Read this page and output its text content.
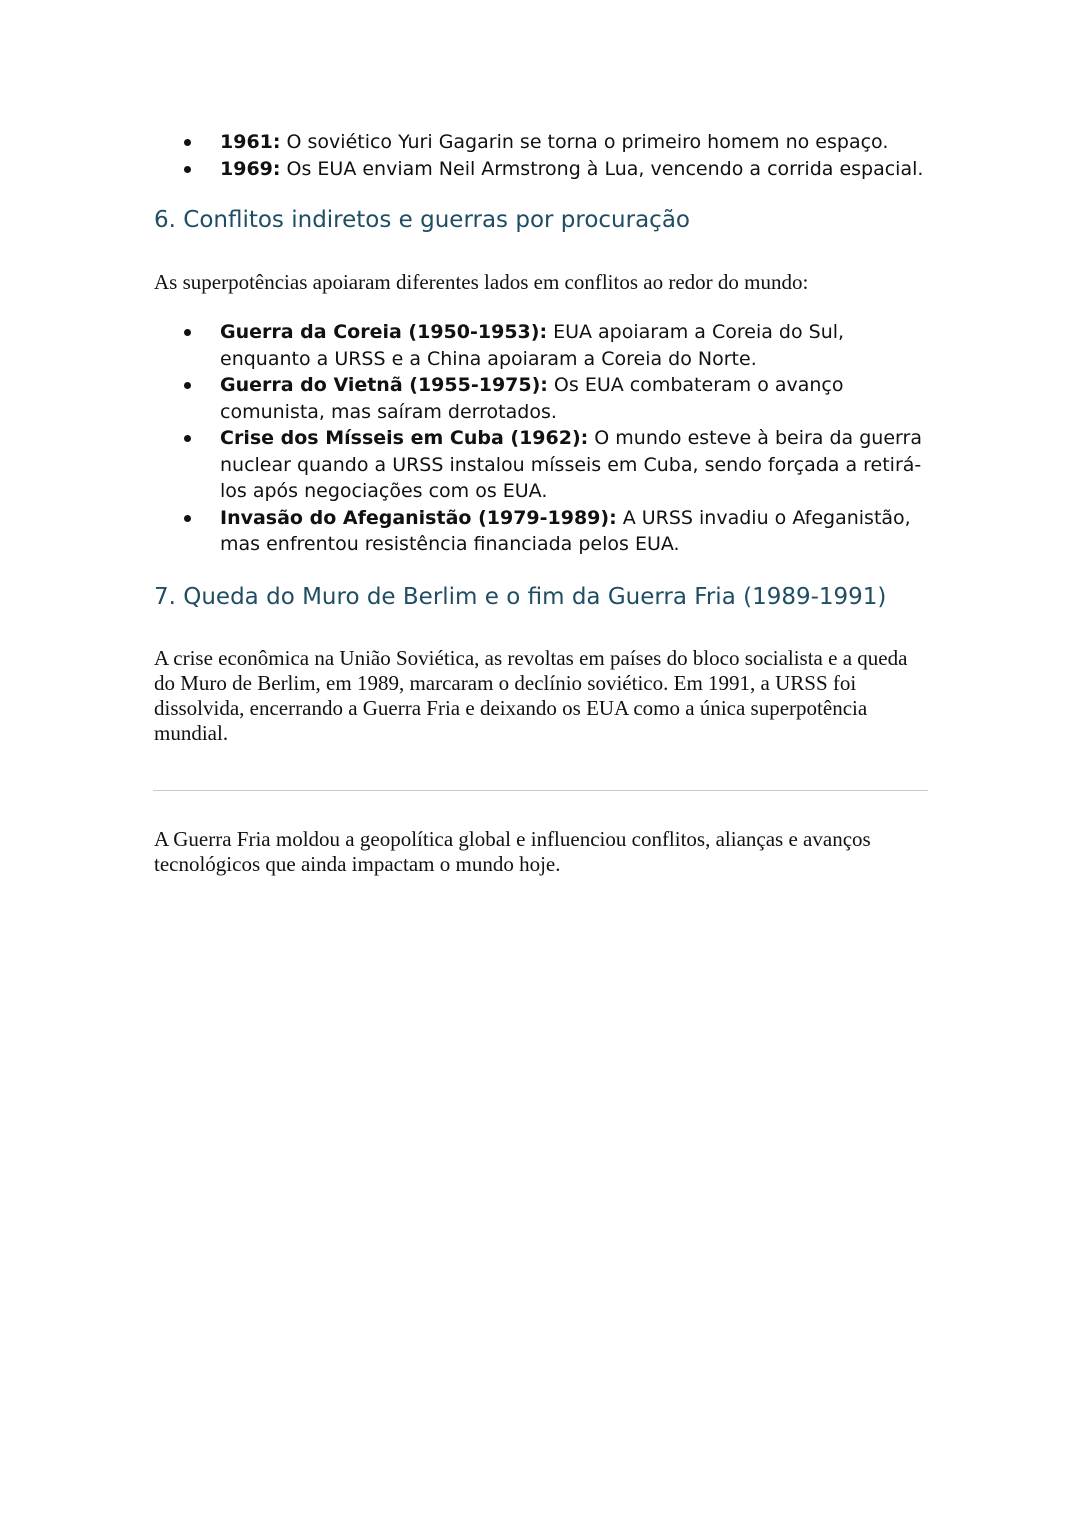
1961: O soviético Yuri Gagarin se torna o primeiro homem no espaço.
1969: Os EUA enviam Neil Armstrong à Lua, vencendo a corrida espacial.
6. Conflitos indiretos e guerras por procuração

As superpotências apoiaram diferentes lados em conflitos ao redor do mundo:

Guerra da Coreia (1950-1953): EUA apoiaram a Coreia do Sul, enquanto a URSS e a China apoiaram a Coreia do Norte.
Guerra do Vietnã (1955-1975): Os EUA combateram o avanço comunista, mas saíram derrotados.
Crise dos Mísseis em Cuba (1962): O mundo esteve à beira da guerra nuclear quando a URSS instalou mísseis em Cuba, sendo forçada a retirá-los após negociações com os EUA.
Invasão do Afeganistão (1979-1989): A URSS invadiu o Afeganistão, mas enfrentou resistência financiada pelos EUA.
7. Queda do Muro de Berlim e o fim da Guerra Fria (1989-1991)

A crise econômica na União Soviética, as revoltas em países do bloco socialista e a queda do Muro de Berlim, em 1989, marcaram o declínio soviético. Em 1991, a URSS foi dissolvida, encerrando a Guerra Fria e deixando os EUA como a única superpotência mundial.

A Guerra Fria moldou a geopolítica global e influenciou conflitos, alianças e avanços tecnológicos que ainda impactam o mundo hoje.
